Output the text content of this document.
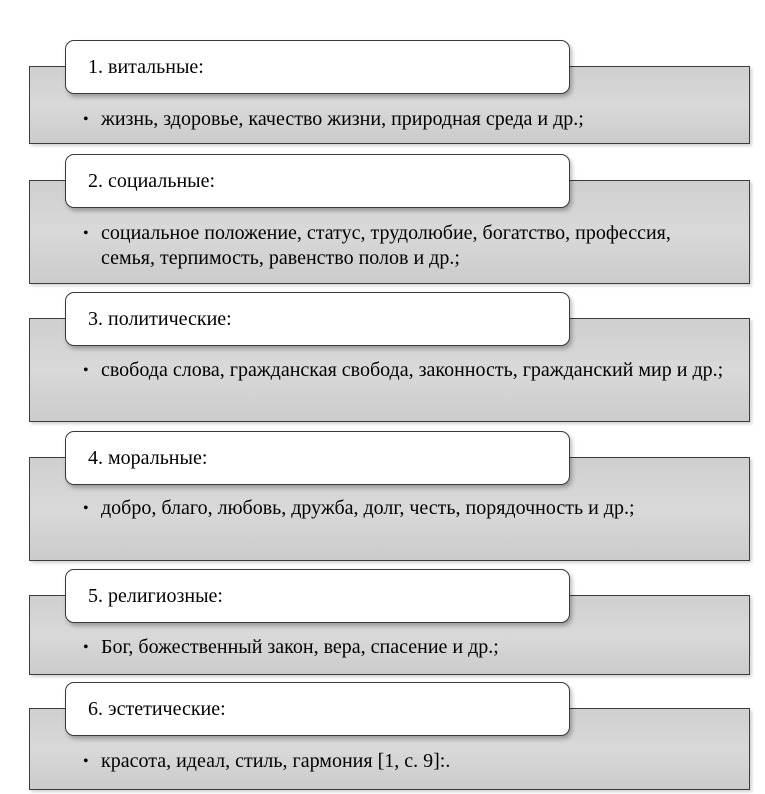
1. витальные:
• жизнь, здоровье, качество жизни, природная среда и др.;
2. социальные:
• социальное положение, статус, трудолюбие, богатство, профессия, семья, терпимость, равенство полов и др.;
3. политические:
• свобода слова, гражданская свобода, законность, гражданский мир и др.;
4. моральные:
• добро, благо, любовь, дружба, долг, честь, порядочность и др.;
5. религиозные:
• Бог, божественный закон, вера, спасение и др.;
6. эстетические:
• красота, идеал, стиль, гармония [1, с. 9]:.
